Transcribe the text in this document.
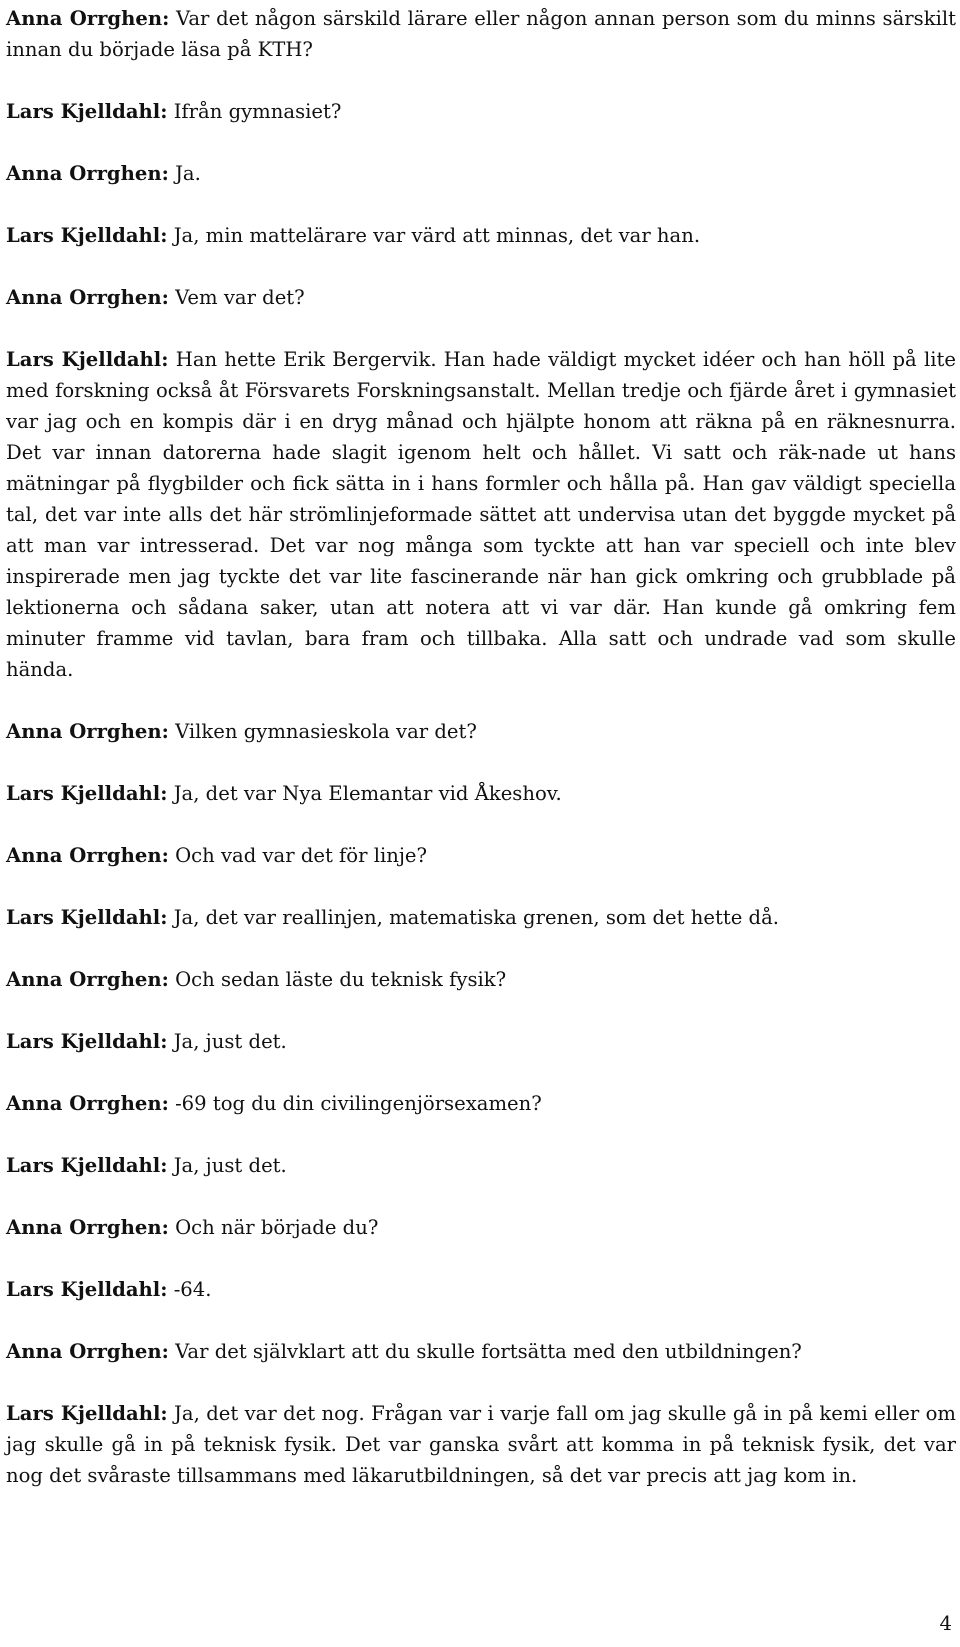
Anna Orrghen: Var det någon särskild lärare eller någon annan person som du minns särskilt innan du började läsa på KTH?

Lars Kjelldahl: Ifrån gymnasiet?

Anna Orrghen: Ja.

Lars Kjelldahl: Ja, min mattelärare var värd att minnas, det var han.

Anna Orrghen: Vem var det?

Lars Kjelldahl: Han hette Erik Bergervik. Han hade väldigt mycket idéer och han höll på lite med forskning också åt Försvarets Forskningsanstalt. Mellan tredje och fjärde året i gymnasiet var jag och en kompis där i en dryg månad och hjälpte honom att räkna på en räknesnurra. Det var innan datorerna hade slagit igenom helt och hållet. Vi satt och räk-nade ut hans mätningar på flygbilder och fick sätta in i hans formler och hålla på. Han gav väldigt speciella tal, det var inte alls det här strömlinjeformade sättet att undervisa utan det byggde mycket på att man var intresserad. Det var nog många som tyckte att han var speciell och inte blev inspirerade men jag tyckte det var lite fascinerande när han gick omkring och grubblade på lektionerna och sådana saker, utan att notera att vi var där. Han kunde gå omkring fem minuter framme vid tavlan, bara fram och tillbaka. Alla satt och undrade vad som skulle hända.

Anna Orrghen: Vilken gymnasieskola var det?

Lars Kjelldahl: Ja, det var Nya Elemantar vid Åkeshov.

Anna Orrghen: Och vad var det för linje?

Lars Kjelldahl: Ja, det var reallinjen, matematiska grenen, som det hette då.

Anna Orrghen: Och sedan läste du teknisk fysik?

Lars Kjelldahl: Ja, just det.

Anna Orrghen: -69 tog du din civilingenjörsexamen?

Lars Kjelldahl: Ja, just det.

Anna Orrghen: Och när började du?

Lars Kjelldahl: -64.

Anna Orrghen: Var det självklart att du skulle fortsätta med den utbildningen?

Lars Kjelldahl: Ja, det var det nog. Frågan var i varje fall om jag skulle gå in på kemi eller om jag skulle gå in på teknisk fysik. Det var ganska svårt att komma in på teknisk fysik, det var nog det svåraste tillsammans med läkarutbildningen, så det var precis att jag kom in.

4
